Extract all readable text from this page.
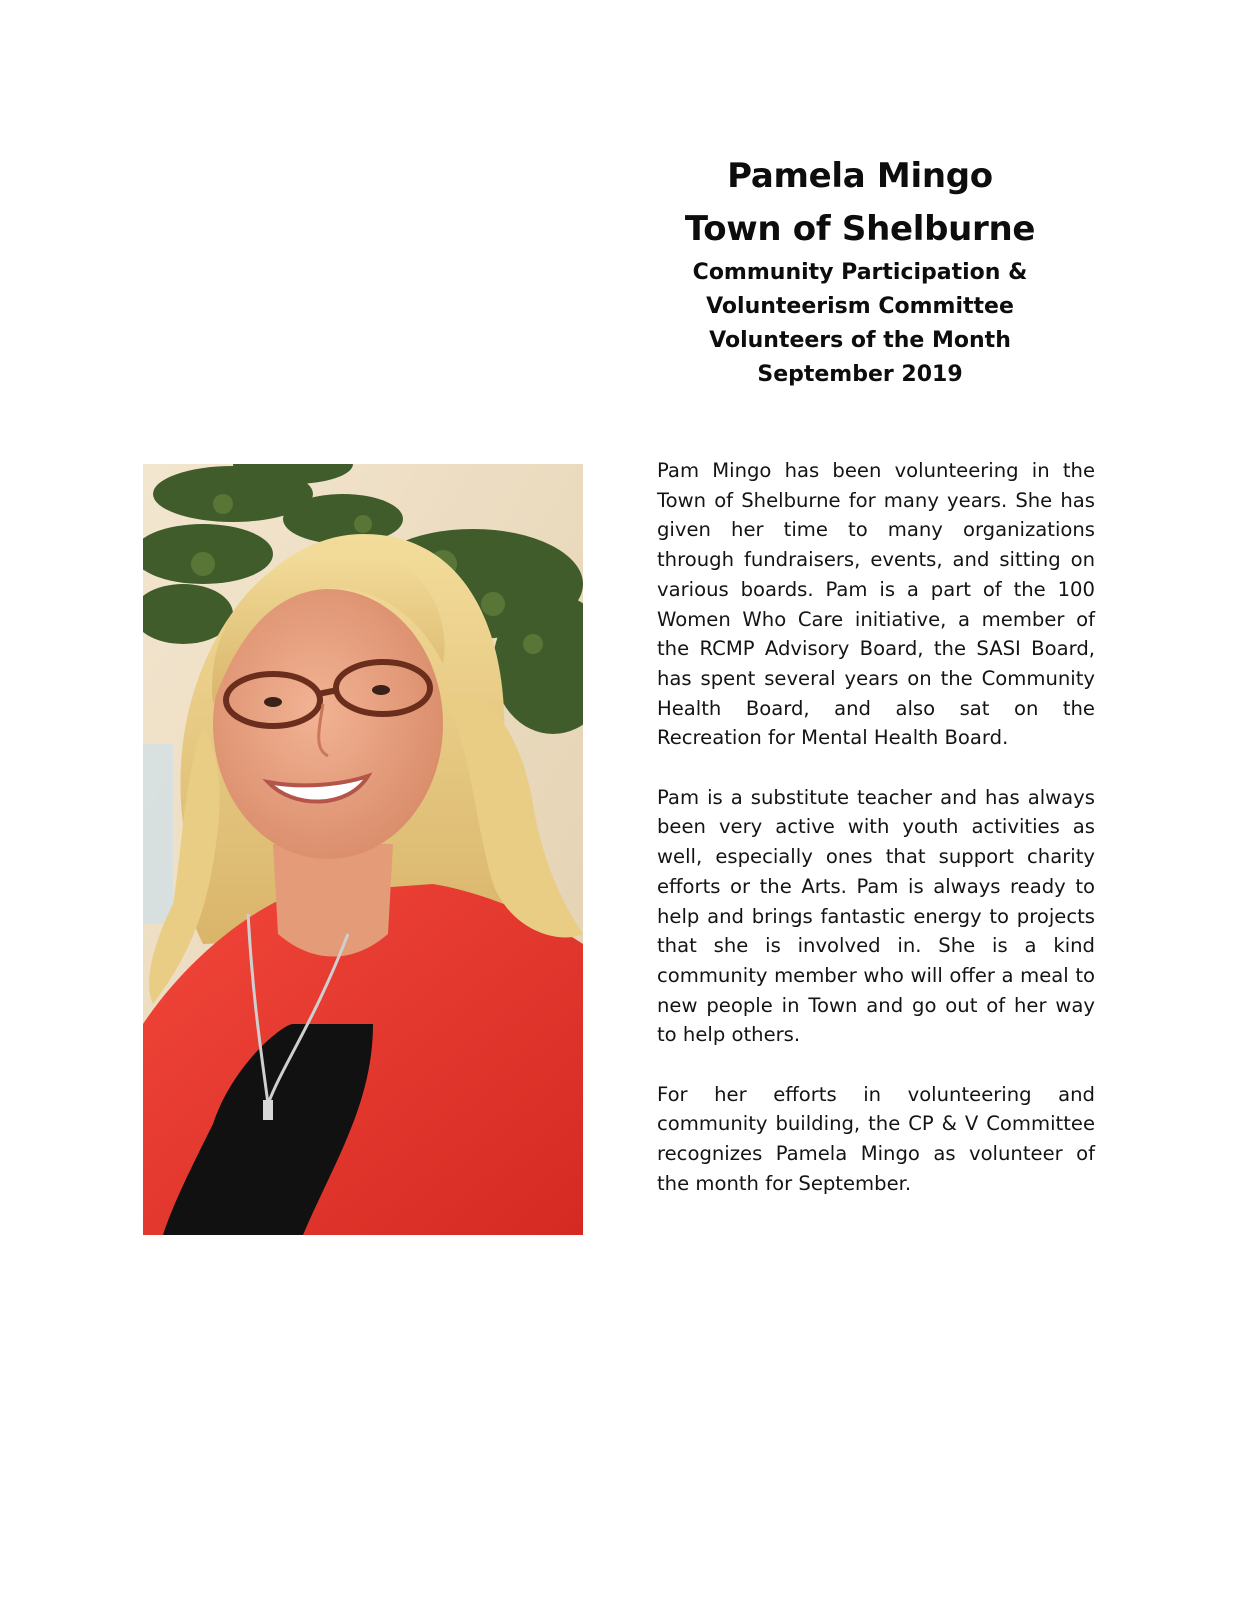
Pamela Mingo
Town of Shelburne
Community Participation &
Volunteerism Committee
Volunteers of the Month
September 2019

Pam Mingo has been volunteering in the Town of Shelburne for many years. She has given her time to many organizations through fundraisers, events, and sitting on various boards. Pam is a part of the 100 Women Who Care initiative, a member of the RCMP Advisory Board, the SASI Board, has spent several years on the Community Health Board, and also sat on the Recreation for Mental Health Board.

Pam is a substitute teacher and has always been very active with youth activities as well, especially ones that support charity efforts or the Arts. Pam is always ready to help and brings fantastic energy to projects that she is involved in. She is a kind community member who will offer a meal to new people in Town and go out of her way to help others.

For her efforts in volunteering and community building, the CP & V Committee recognizes Pamela Mingo as volunteer of the month for September.
